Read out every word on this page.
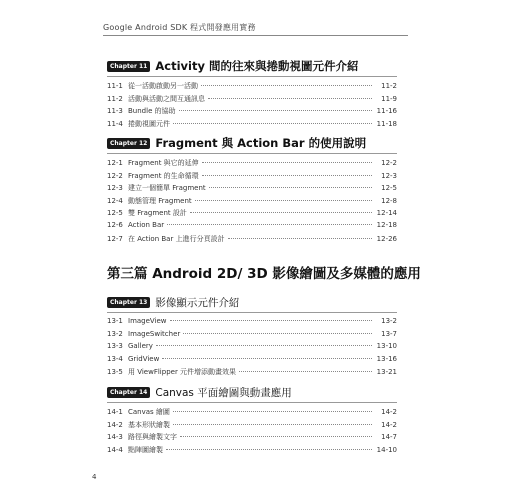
Google Android SDK 程式開發應用實務
Chapter 11 Activity 間的往來與捲動視圖元件介紹
11-1 從一活動啟動另一活動	11-2
11-2 活動與活動之間互通訊息	11-9
11-3 Bundle 的協助	11-16
11-4 捲動視圖元件	11-18
Chapter 12 Fragment 與 Action Bar 的使用說明
12-1 Fragment 與它的延伸	12-2
12-2 Fragment 的生命循環	12-3
12-3 建立一個簡單 Fragment	12-5
12-4 動態管理 Fragment	12-8
12-5 雙 Fragment 設計	12-14
12-6 Action Bar	12-18
12-7 在 Action Bar 上進行分頁設計	12-26
第三篇 Android 2D/ 3D 影像繪圖及多媒體的應用
Chapter 13 影像顯示元件介紹
13-1 ImageView	13-2
13-2 ImageSwitcher	13-7
13-3 Gallery	13-10
13-4 GridView	13-16
13-5 用 ViewFlipper 元件增添動畫效果	13-21
Chapter 14 Canvas 平面繪圖與動畫應用
14-1 Canvas 繪圖	14-2
14-2 基本形狀繪製	14-2
14-3 路徑與繪製文字	14-7
14-4 點陣圖繪製	14-10
4
